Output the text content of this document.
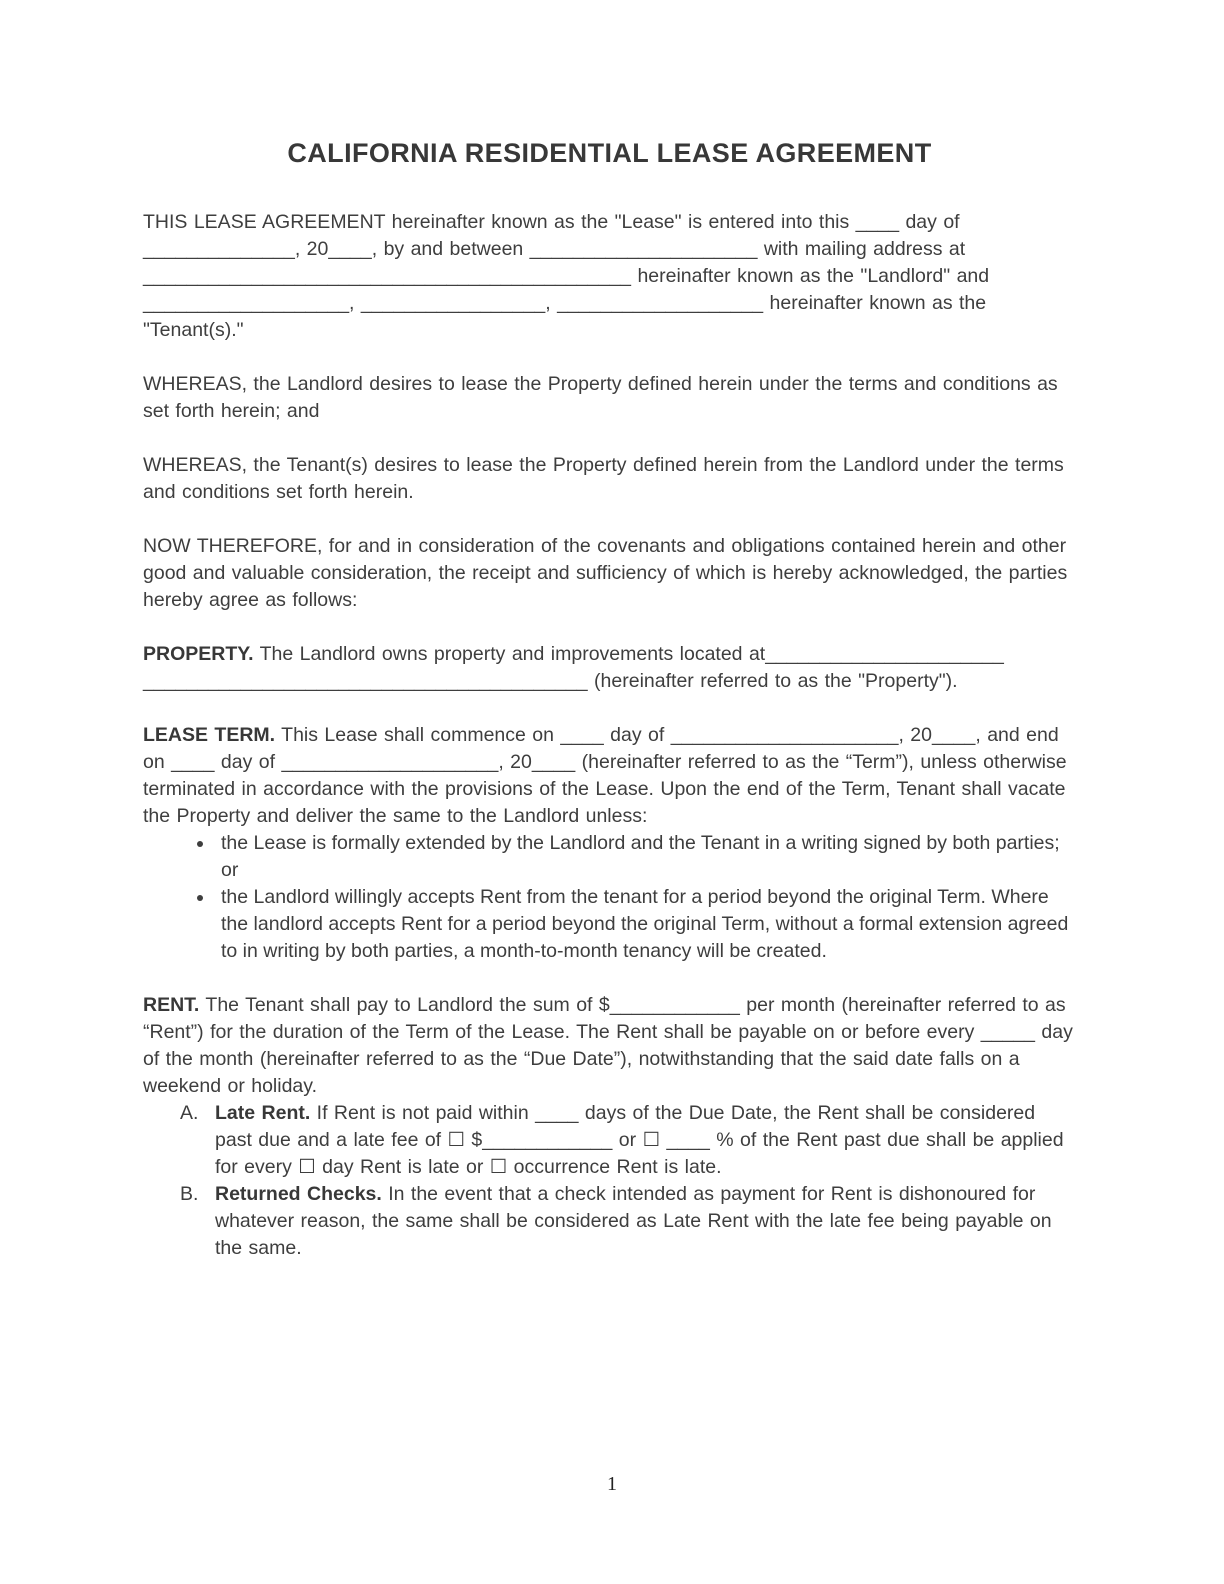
CALIFORNIA RESIDENTIAL LEASE AGREEMENT

THIS LEASE AGREEMENT hereinafter known as the "Lease" is entered into this ____ day of ______________, 20____, by and between _____________________ with mailing address at _____________________________________________ hereinafter known as the "Landlord" and ___________________, _________________, ___________________ hereinafter known as the "Tenant(s)."

WHEREAS, the Landlord desires to lease the Property defined herein under the terms and conditions as set forth herein; and

WHEREAS, the Tenant(s) desires to lease the Property defined herein from the Landlord under the terms and conditions set forth herein.

NOW THEREFORE, for and in consideration of the covenants and obligations contained herein and other good and valuable consideration, the receipt and sufficiency of which is hereby acknowledged, the parties hereby agree as follows:

PROPERTY. The Landlord owns property and improvements located at______________________ _________________________________________ (hereinafter referred to as the "Property").

LEASE TERM. This Lease shall commence on ____ day of _____________________, 20____, and end on ____ day of ____________________, 20____ (hereinafter referred to as the “Term”), unless otherwise terminated in accordance with the provisions of the Lease. Upon the end of the Term, Tenant shall vacate the Property and deliver the same to the Landlord unless:

• the Lease is formally extended by the Landlord and the Tenant in a writing signed by both parties; or
• the Landlord willingly accepts Rent from the tenant for a period beyond the original Term. Where the landlord accepts Rent for a period beyond the original Term, without a formal extension agreed to in writing by both parties, a month-to-month tenancy will be created.

RENT. The Tenant shall pay to Landlord the sum of $____________ per month (hereinafter referred to as “Rent”) for the duration of the Term of the Lease. The Rent shall be payable on or before every _____ day of the month (hereinafter referred to as the “Due Date”), notwithstanding that the said date falls on a weekend or holiday.

A. Late Rent. If Rent is not paid within ____ days of the Due Date, the Rent shall be considered past due and a late fee of ☐ $____________ or ☐ ____ % of the Rent past due shall be applied for every ☐ day Rent is late or ☐ occurrence Rent is late.
B. Returned Checks. In the event that a check intended as payment for Rent is dishonoured for whatever reason, the same shall be considered as Late Rent with the late fee being payable on the same.
1
